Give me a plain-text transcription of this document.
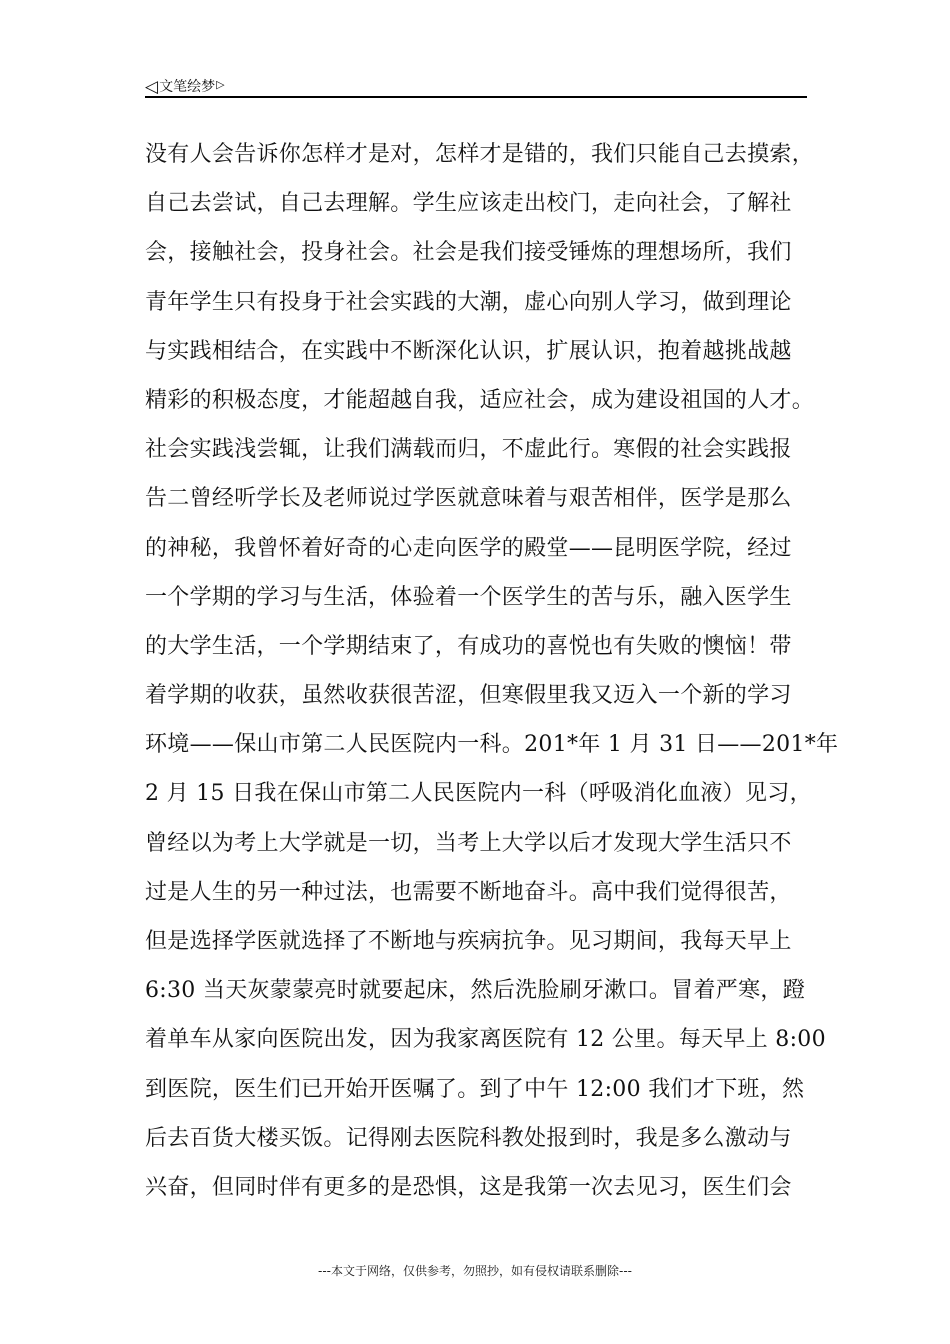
◁文笔绘梦▷
没有人会告诉你怎样才是对，怎样才是错的，我们只能自己去摸索，
自己去尝试，自己去理解。学生应该走出校门，走向社会，了解社
会，接触社会，投身社会。社会是我们接受锤炼的理想场所，我们
青年学生只有投身于社会实践的大潮，虚心向别人学习，做到理论
与实践相结合，在实践中不断深化认识，扩展认识，抱着越挑战越
精彩的积极态度，才能超越自我，适应社会，成为建设祖国的人才。
社会实践浅尝辄，让我们满载而归，不虚此行。寒假的社会实践报
告二曾经听学长及老师说过学医就意味着与艰苦相伴，医学是那么
的神秘，我曾怀着好奇的心走向医学的殿堂——昆明医学院，经过
一个学期的学习与生活，体验着一个医学生的苦与乐，融入医学生
的大学生活，一个学期结束了，有成功的喜悦也有失败的懊恼！带
着学期的收获，虽然收获很苦涩，但寒假里我又迈入一个新的学习
环境——保山市第二人民医院内一科。201*年 1 月 31 日——201*年
2 月 15 日我在保山市第二人民医院内一科（呼吸消化血液）见习，
曾经以为考上大学就是一切，当考上大学以后才发现大学生活只不
过是人生的另一种过法，也需要不断地奋斗。高中我们觉得很苦，
但是选择学医就选择了不断地与疾病抗争。见习期间，我每天早上
6:30 当天灰蒙蒙亮时就要起床，然后洗脸刷牙漱口。冒着严寒，蹬
着单车从家向医院出发，因为我家离医院有 12 公里。每天早上 8:00
到医院，医生们已开始开医嘱了。到了中午 12:00 我们才下班，然
后去百货大楼买饭。记得刚去医院科教处报到时，我是多么激动与
兴奋，但同时伴有更多的是恐惧，这是我第一次去见习，医生们会
---本文于网络，仅供参考，勿照抄，如有侵权请联系删除---
